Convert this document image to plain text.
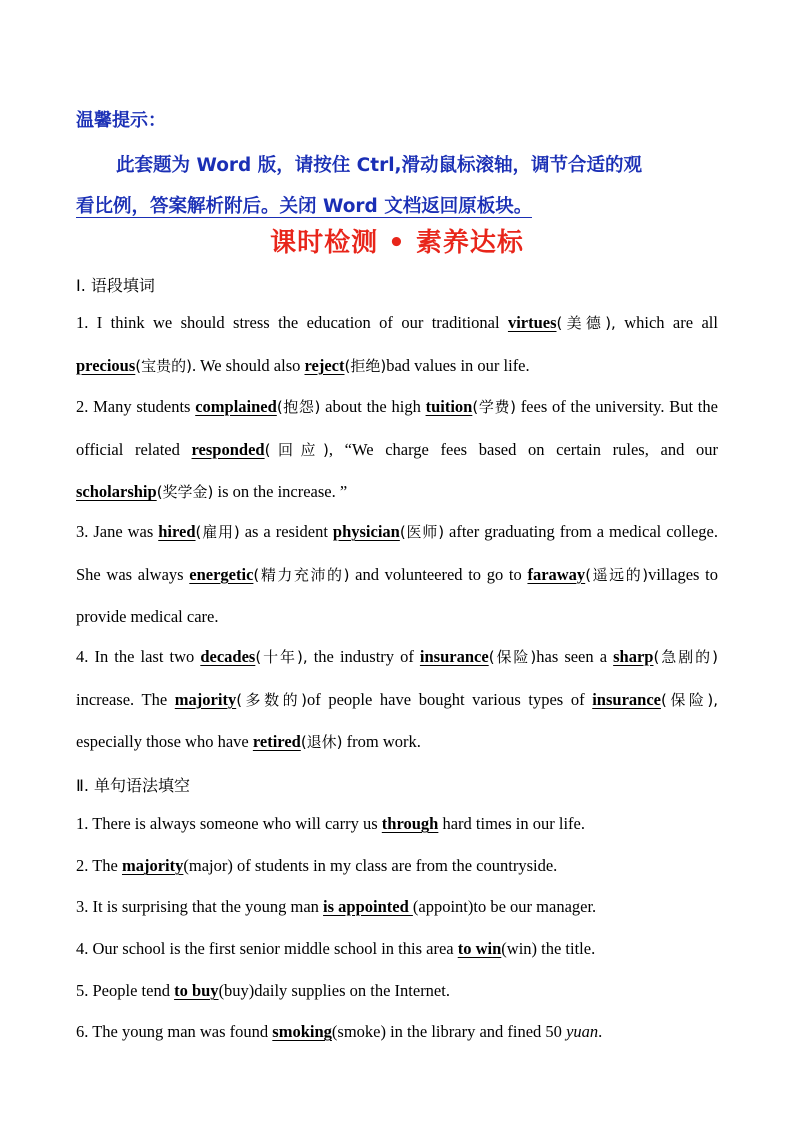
温馨提示：
此套题为 Word 版，请按住 Ctrl,滑动鼠标滚轴，调节合适的观
看比例，答案解析附后。关闭 Word 文档返回原板块。
课时检测 • 素养达标
Ⅰ. 语段填词
1. I think we should stress the education of our traditional virtues(美德), which are all precious(宝贵的). We should also reject(拒绝)bad values in our life.
2. Many students complained(抱怨) about the high tuition(学费) fees of the university. But the official related responded(回应), “We charge fees based on certain rules, and our scholarship(奖学金) is on the increase. ”
3. Jane was hired(雇用) as a resident physician(医师) after graduating from a medical college. She was always energetic(精力充沛的) and volunteered to go to faraway(遥远的)villages to provide medical care.
4. In the last two decades(十年), the industry of insurance(保险)has seen a sharp(急剧的) increase. The majority(多数的)of people have bought various types of insurance(保险), especially those who have retired(退休) from work.
Ⅱ. 单句语法填空
1. There is always someone who will carry us through hard times in our life.
2. The majority(major) of students in my class are from the countryside.
3. It is surprising that the young man is appointed (appoint)to be our manager.
4. Our school is the first senior middle school in this area to win(win) the title.
5. People tend to buy(buy)daily supplies on the Internet.
6. The young man was found smoking(smoke) in the library and fined 50 yuan.
